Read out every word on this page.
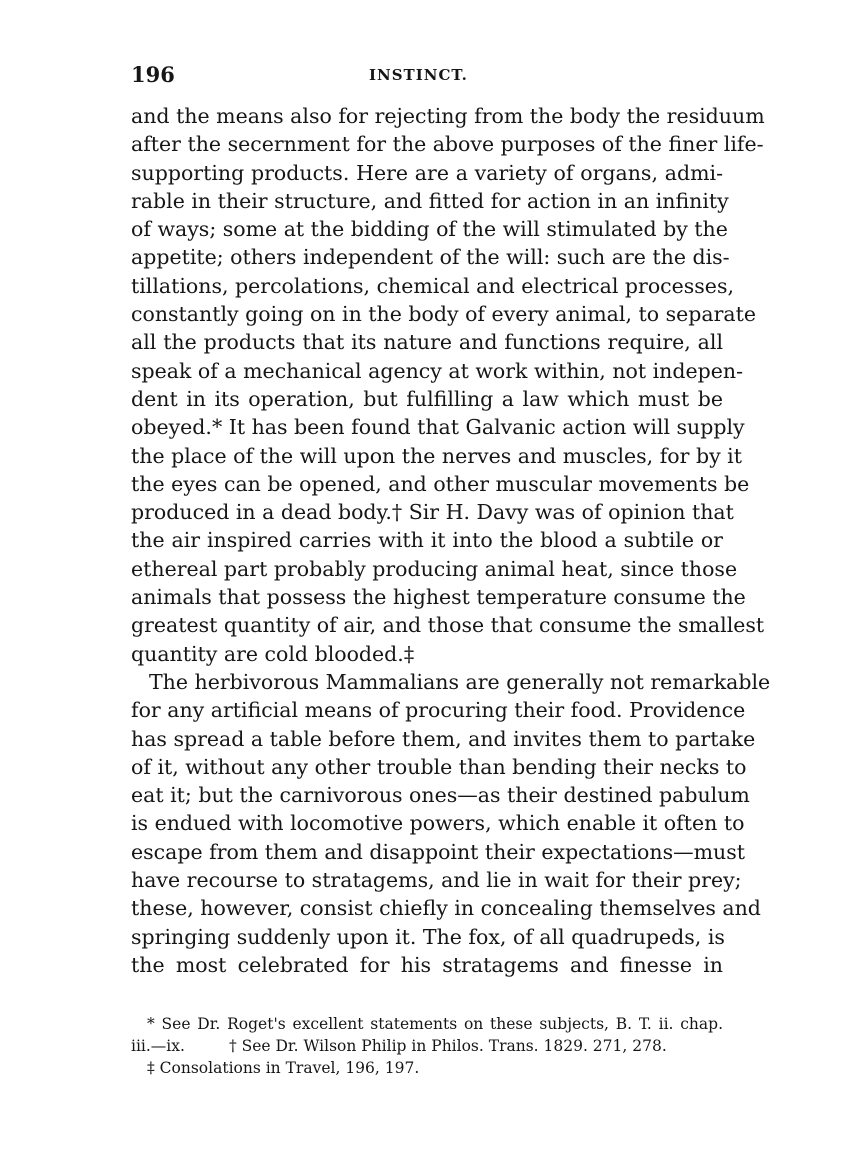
196	INSTINCT.
and the means also for rejecting from the body the residuum
after the secernment for the above purposes of the finer life-
supporting products. Here are a variety of organs, admi-
rable in their structure, and fitted for action in an infinity
of ways; some at the bidding of the will stimulated by the
appetite; others independent of the will: such are the dis-
tillations, percolations, chemical and electrical processes,
constantly going on in the body of every animal, to separate
all the products that its nature and functions require, all
speak of a mechanical agency at work within, not indepen-
dent in its operation, but fulfilling a law which must be
obeyed.* It has been found that Galvanic action will supply
the place of the will upon the nerves and muscles, for by it
the eyes can be opened, and other muscular movements be
produced in a dead body.† Sir H. Davy was of opinion that
the air inspired carries with it into the blood a subtile or
ethereal part probably producing animal heat, since those
animals that possess the highest temperature consume the
greatest quantity of air, and those that consume the smallest
quantity are cold blooded.‡
The herbivorous Mammalians are generally not remarkable
for any artificial means of procuring their food. Providence
has spread a table before them, and invites them to partake
of it, without any other trouble than bending their necks to
eat it; but the carnivorous ones—as their destined pabulum
is endued with locomotive powers, which enable it often to
escape from them and disappoint their expectations—must
have recourse to stratagems, and lie in wait for their prey;
these, however, consist chiefly in concealing themselves and
springing suddenly upon it. The fox, of all quadrupeds, is
the most celebrated for his stratagems and finesse in
* See Dr. Roget's excellent statements on these subjects, B. T. ii. chap.
iii.—ix.	† See Dr. Wilson Philip in Philos. Trans. 1829. 271, 278.
‡ Consolations in Travel, 196, 197.
